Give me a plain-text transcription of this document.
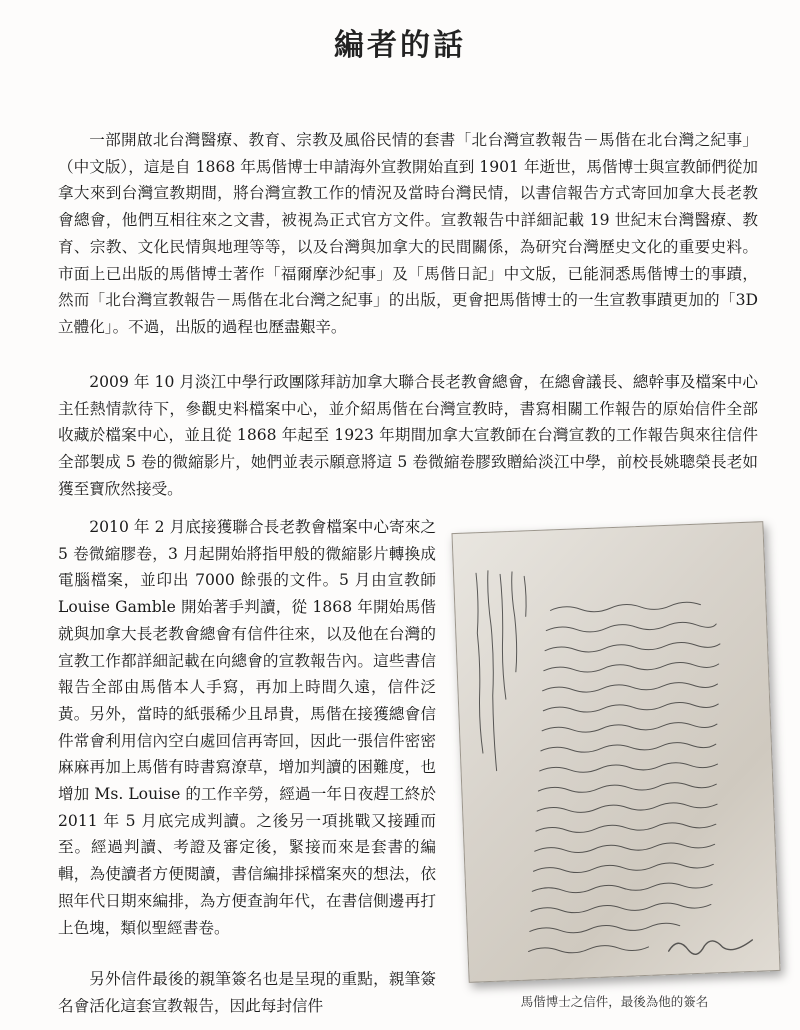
編者的話

一部開啟北台灣醫療、教育、宗教及風俗民情的套書「北台灣宣教報告－馬偕在北台灣之紀事」（中文版），這是自 1868 年馬偕博士申請海外宣教開始直到 1901 年逝世，馬偕博士與宣教師們從加拿大來到台灣宣教期間，將台灣宣教工作的情況及當時台灣民情，以書信報告方式寄回加拿大長老教會總會，他們互相往來之文書，被視為正式官方文件。宣教報告中詳細記載 19 世紀末台灣醫療、教育、宗教、文化民情與地理等等，以及台灣與加拿大的民間關係，為研究台灣歷史文化的重要史料。市面上已出版的馬偕博士著作「福爾摩沙紀事」及「馬偕日記」中文版，已能洞悉馬偕博士的事蹟，然而「北台灣宣教報告－馬偕在北台灣之紀事」的出版，更會把馬偕博士的一生宣教事蹟更加的「3D 立體化」。不過，出版的過程也歷盡艱辛。

2009 年 10 月淡江中學行政團隊拜訪加拿大聯合長老教會總會，在總會議長、總幹事及檔案中心主任熱情款待下，參觀史料檔案中心，並介紹馬偕在台灣宣教時，書寫相關工作報告的原始信件全部收藏於檔案中心，並且從 1868 年起至 1923 年期間加拿大宣教師在台灣宣教的工作報告與來往信件全部製成 5 卷的微縮影片，她們並表示願意將這 5 卷微縮卷膠致贈給淡江中學，前校長姚聰榮長老如獲至寶欣然接受。

2010 年 2 月底接獲聯合長老教會檔案中心寄來之 5 卷微縮膠卷，3 月起開始將指甲般的微縮影片轉換成電腦檔案，並印出 7000 餘張的文件。5 月由宣教師 Louise Gamble 開始著手判讀，從 1868 年開始馬偕就與加拿大長老教會總會有信件往來，以及他在台灣的宣教工作都詳細記載在向總會的宣教報告內。這些書信報告全部由馬偕本人手寫，再加上時間久遠，信件泛黃。另外，當時的紙張稀少且昂貴，馬偕在接獲總會信件常會利用信內空白處回信再寄回，因此一張信件密密麻麻再加上馬偕有時書寫潦草，增加判讀的困難度，也增加 Ms. Louise 的工作辛勞，經過一年日夜趕工終於 2011 年 5 月底完成判讀。之後另一項挑戰又接踵而至。經過判讀、考證及審定後，緊接而來是套書的編輯，為使讀者方便閱讀，書信編排採檔案夾的想法，依照年代日期來編排，為方便查詢年代，在書信側邊再打上色塊，類似聖經書卷。

另外信件最後的親筆簽名也是呈現的重點，親筆簽名會活化這套宣教報告，因此每封信件	馬偕博士之信件，最後為他的簽名
